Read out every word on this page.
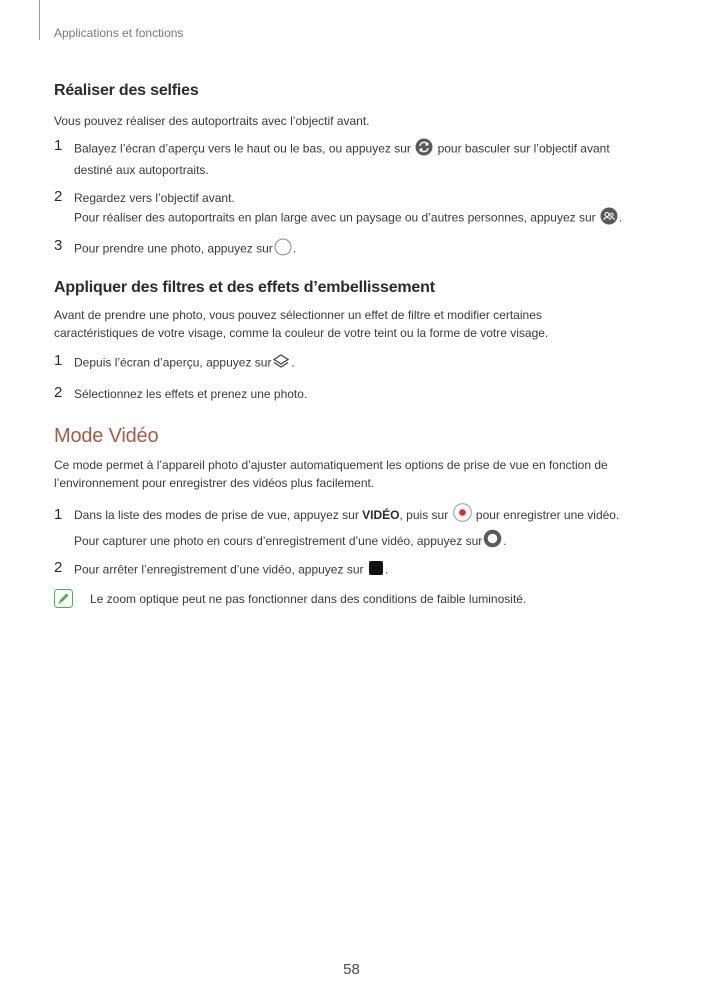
Applications et fonctions
Réaliser des selfies
Vous pouvez réaliser des autoportraits avec l’objectif avant.
1 Balayez l’écran d’aperçu vers le haut ou le bas, ou appuyez sur pour basculer sur l’objectif avant
destiné aux autoportraits.
2 Regardez vers l’objectif avant.
Pour réaliser des autoportraits en plan large avec un paysage ou d’autres personnes, appuyez sur .
3 Pour prendre une photo, appuyez sur .
Appliquer des filtres et des effets d’embellissement
Avant de prendre une photo, vous pouvez sélectionner un effet de filtre et modifier certaines
caractéristiques de votre visage, comme la couleur de votre teint ou la forme de votre visage.
1 Depuis l’écran d’aperçu, appuyez sur .
2 Sélectionnez les effets et prenez une photo.
Mode Vidéo
Ce mode permet à l’appareil photo d’ajuster automatiquement les options de prise de vue en fonction de
l’environnement pour enregistrer des vidéos plus facilement.
1 Dans la liste des modes de prise de vue, appuyez sur VIDÉO, puis sur pour enregistrer une vidéo.
Pour capturer une photo en cours d’enregistrement d’une vidéo, appuyez sur .
2 Pour arrêter l’enregistrement d’une vidéo, appuyez sur .
Le zoom optique peut ne pas fonctionner dans des conditions de faible luminosité.
58
